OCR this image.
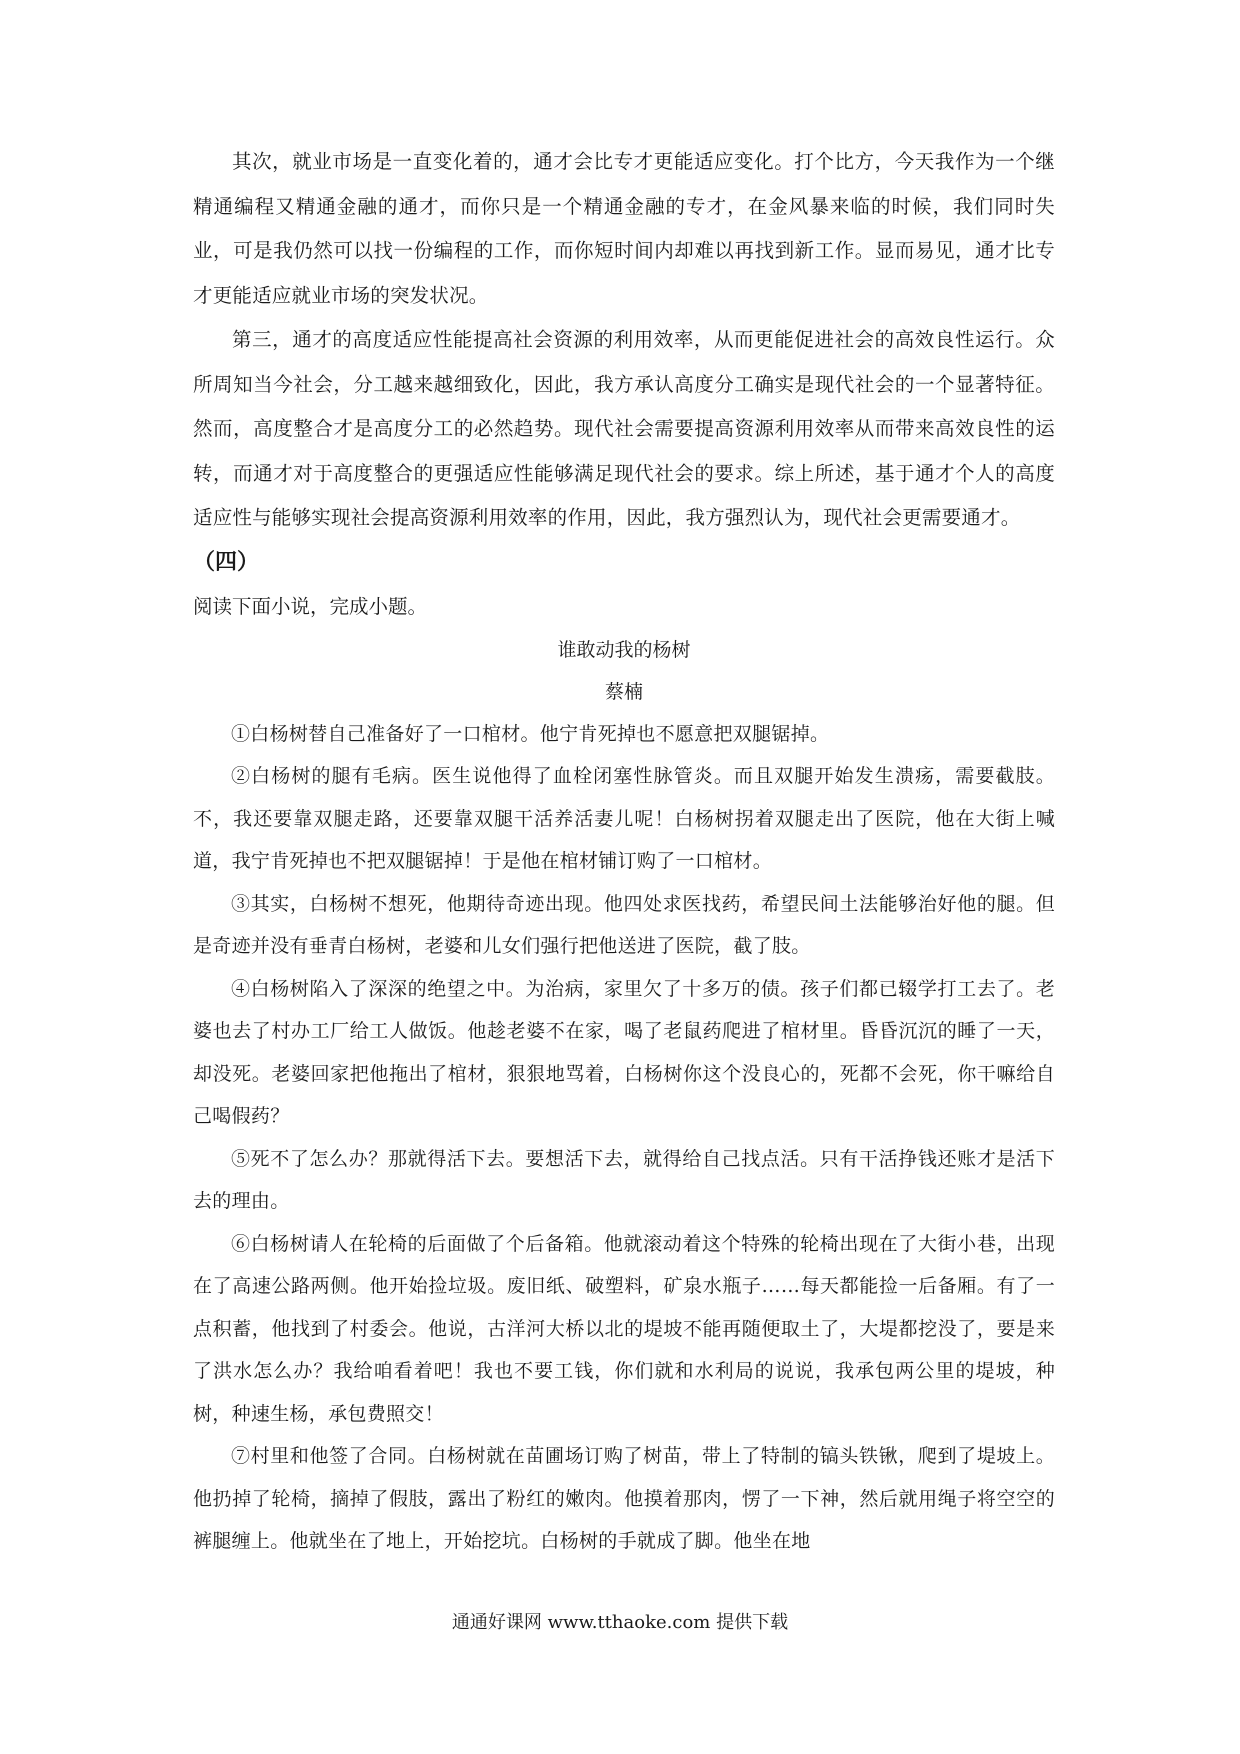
其次，就业市场是一直变化着的，通才会比专才更能适应变化。打个比方，今天我作为一个继精通编程又精通金融的通才，而你只是一个精通金融的专才，在金风暴来临的时候，我们同时失业，可是我仍然可以找一份编程的工作，而你短时间内却难以再找到新工作。显而易见，通才比专才更能适应就业市场的突发状况。

第三，通才的高度适应性能提高社会资源的利用效率，从而更能促进社会的高效良性运行。众所周知当今社会，分工越来越细致化，因此，我方承认高度分工确实是现代社会的一个显著特征。然而，高度整合才是高度分工的必然趋势。现代社会需要提高资源利用效率从而带来高效良性的运转，而通才对于高度整合的更强适应性能够满足现代社会的要求。综上所述，基于通才个人的高度适应性与能够实现社会提高资源利用效率的作用，因此，我方强烈认为，现代社会更需要通才。

（四）

阅读下面小说，完成小题。

谁敢动我的杨树

蔡楠

①白杨树替自己准备好了一口棺材。他宁肯死掉也不愿意把双腿锯掉。

②白杨树的腿有毛病。医生说他得了血栓闭塞性脉管炎。而且双腿开始发生溃疡，需要截肢。不，我还要靠双腿走路，还要靠双腿干活养活妻儿呢！白杨树拐着双腿走出了医院，他在大街上喊道，我宁肯死掉也不把双腿锯掉！于是他在棺材铺订购了一口棺材。

③其实，白杨树不想死，他期待奇迹出现。他四处求医找药，希望民间土法能够治好他的腿。但是奇迹并没有垂青白杨树，老婆和儿女们强行把他送进了医院，截了肢。

④白杨树陷入了深深的绝望之中。为治病，家里欠了十多万的债。孩子们都已辍学打工去了。老婆也去了村办工厂给工人做饭。他趁老婆不在家，喝了老鼠药爬进了棺材里。昏昏沉沉的睡了一天，却没死。老婆回家把他拖出了棺材，狠狠地骂着，白杨树你这个没良心的，死都不会死，你干嘛给自己喝假药？

⑤死不了怎么办？那就得活下去。要想活下去，就得给自己找点活。只有干活挣钱还账才是活下去的理由。

⑥白杨树请人在轮椅的后面做了个后备箱。他就滚动着这个特殊的轮椅出现在了大街小巷，出现在了高速公路两侧。他开始捡垃圾。废旧纸、破塑料，矿泉水瓶子……每天都能捡一后备厢。有了一点积蓄，他找到了村委会。他说，古洋河大桥以北的堤坡不能再随便取土了，大堤都挖没了，要是来了洪水怎么办？我给咱看着吧！我也不要工钱，你们就和水利局的说说，我承包两公里的堤坡，种树，种速生杨，承包费照交！

⑦村里和他签了合同。白杨树就在苗圃场订购了树苗，带上了特制的镐头铁锹，爬到了堤坡上。他扔掉了轮椅，摘掉了假肢，露出了粉红的嫩肉。他摸着那肉，愣了一下神，然后就用绳子将空空的裤腿缠上。他就坐在了地上，开始挖坑。白杨树的手就成了脚。他坐在地

通通好课网 www.tthaoke.com 提供下载
